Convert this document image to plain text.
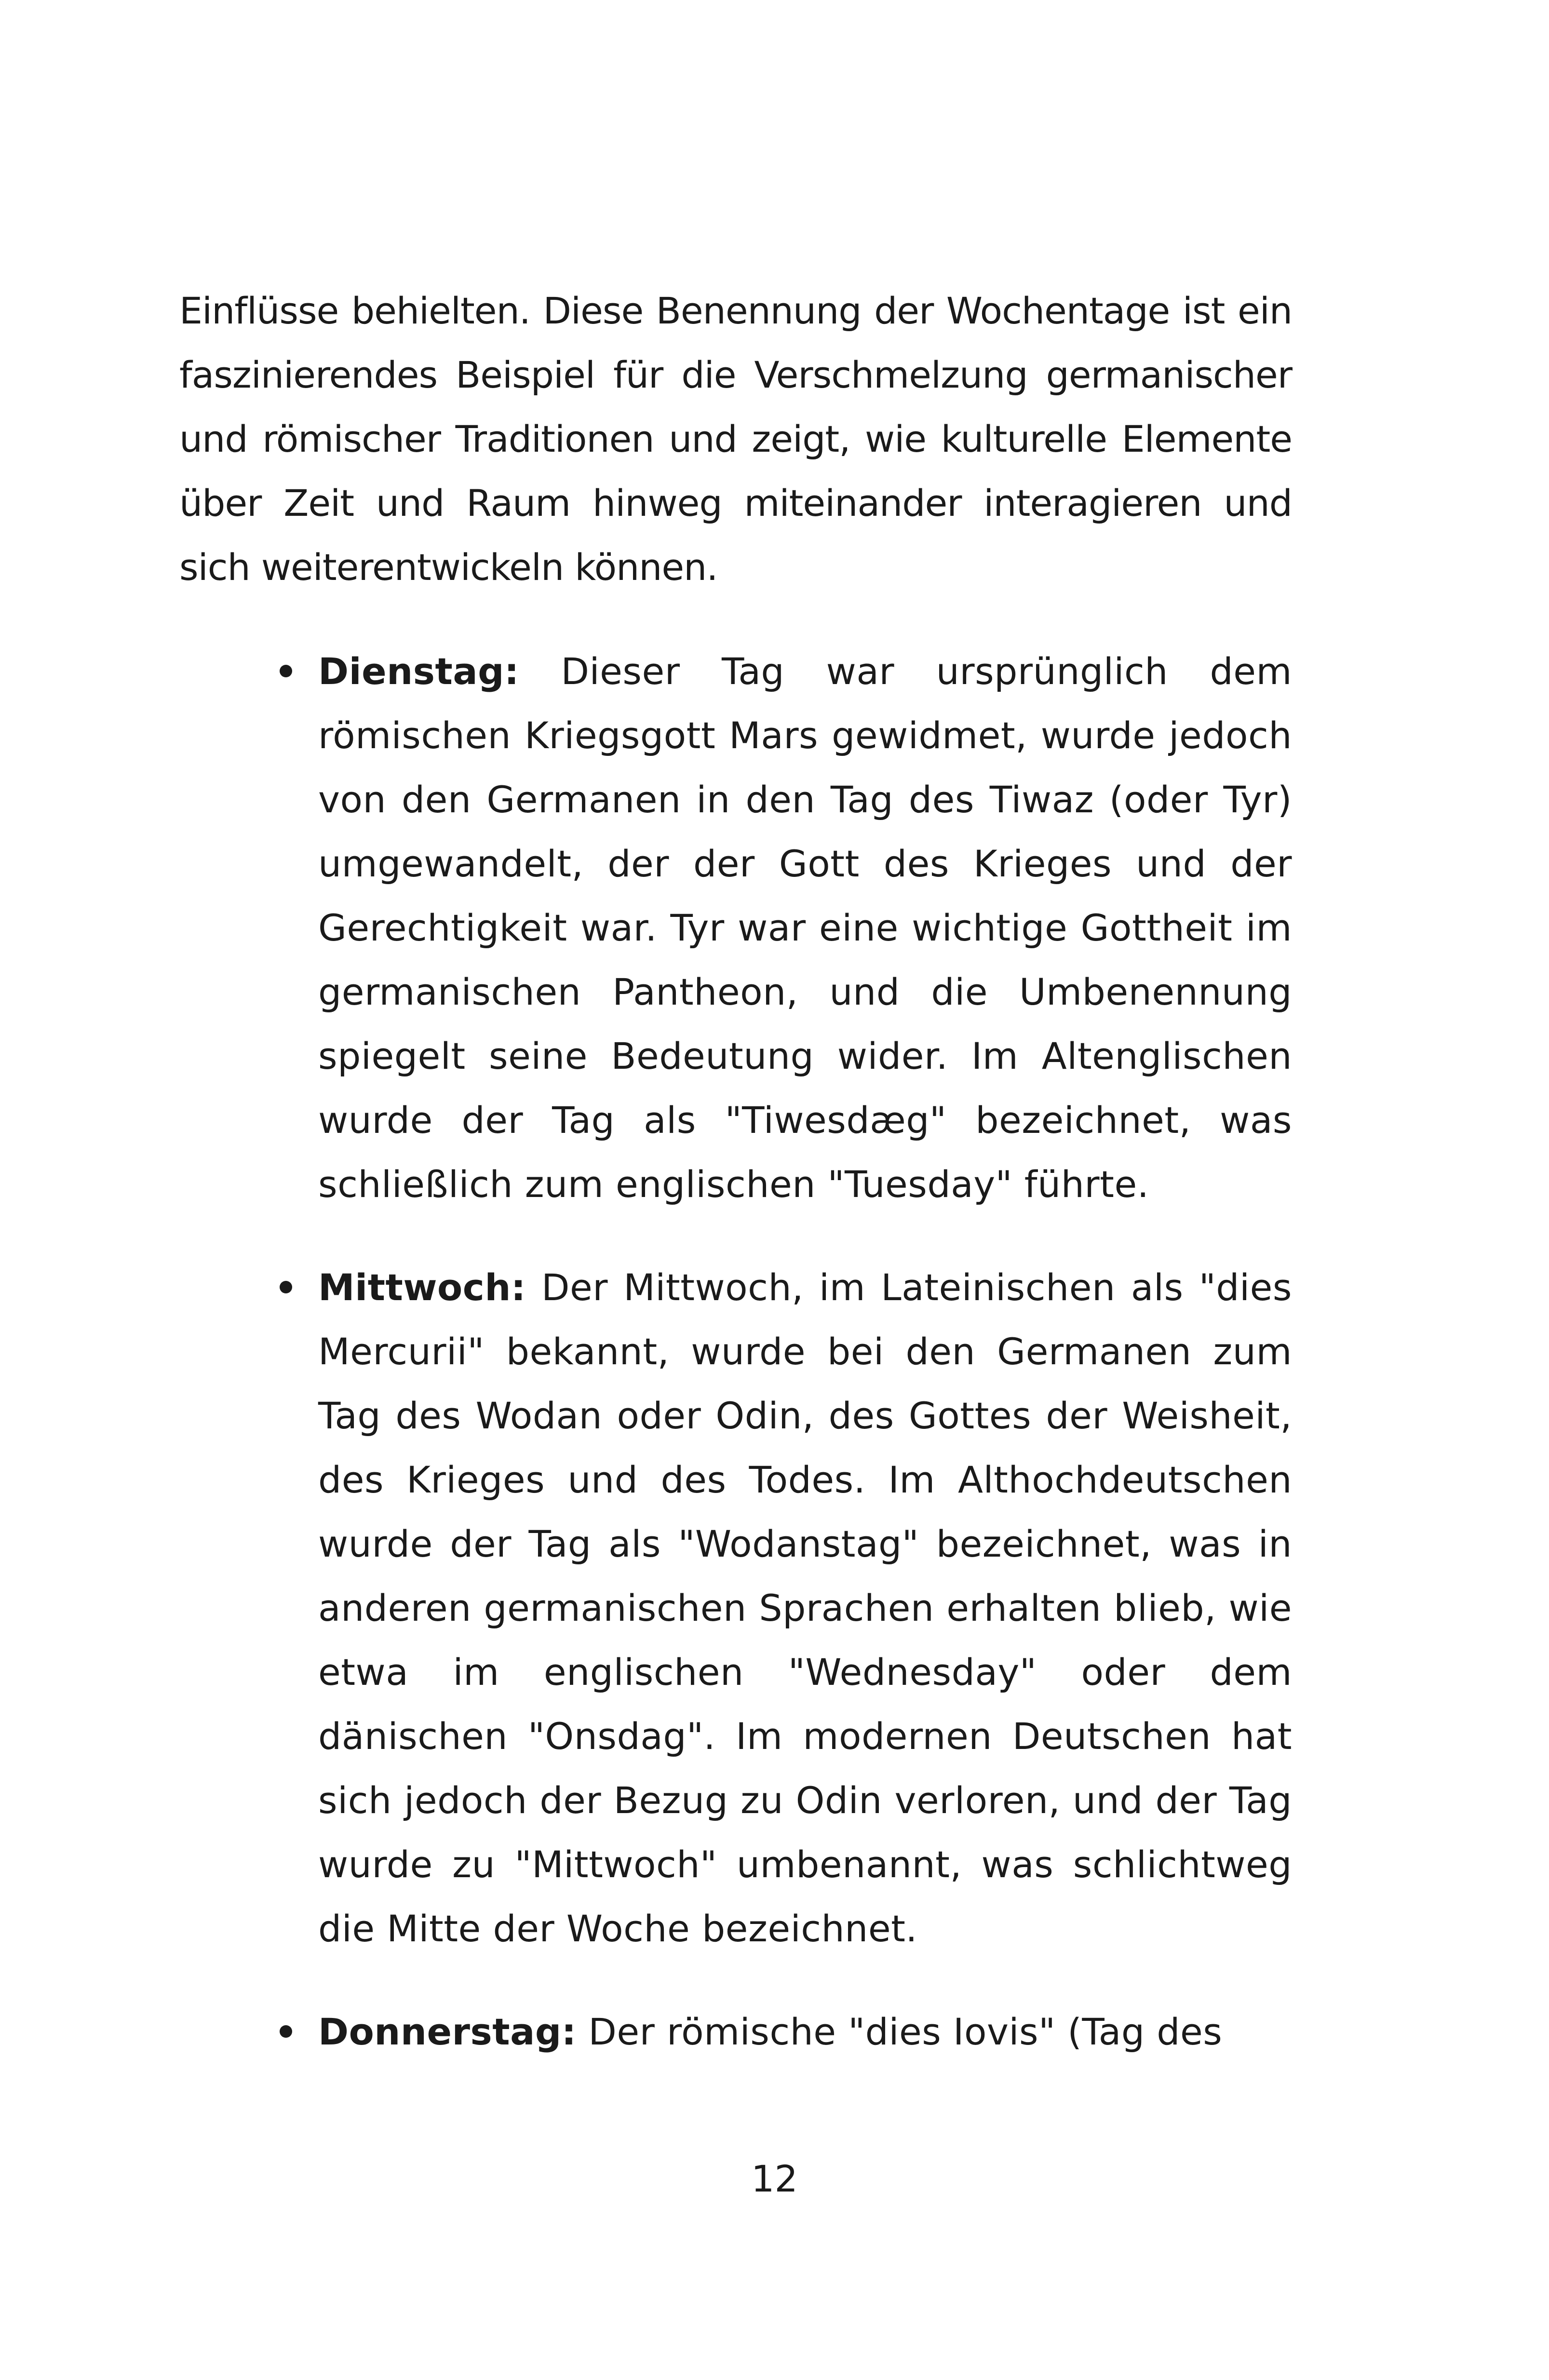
Einflüsse behielten. Diese Benennung der Wochentage ist ein faszinierendes Beispiel für die Verschmelzung germanischer und römischer Traditionen und zeigt, wie kulturelle Elemente über Zeit und Raum hinweg miteinander interagieren und sich weiterentwickeln können.

Dienstag: Dieser Tag war ursprünglich dem römischen Kriegsgott Mars gewidmet, wurde jedoch von den Germanen in den Tag des Tiwaz (oder Tyr) umgewandelt, der der Gott des Krieges und der Gerechtigkeit war. Tyr war eine wichtige Gottheit im germanischen Pantheon, und die Umbenennung spiegelt seine Bedeutung wider. Im Altenglischen wurde der Tag als "Tiwesdæg" bezeichnet, was schließlich zum englischen "Tuesday" führte.
Mittwoch: Der Mittwoch, im Lateinischen als "dies Mercurii" bekannt, wurde bei den Germanen zum Tag des Wodan oder Odin, des Gottes der Weisheit, des Krieges und des Todes. Im Althochdeutschen wurde der Tag als "Wodanstag" bezeichnet, was in anderen germanischen Sprachen erhalten blieb, wie etwa im englischen "Wednesday" oder dem dänischen "Onsdag". Im modernen Deutschen hat sich jedoch der Bezug zu Odin verloren, und der Tag wurde zu "Mittwoch" umbenannt, was schlichtweg die Mitte der Woche bezeichnet.
Donnerstag: Der römische "dies Iovis" (Tag des
12
